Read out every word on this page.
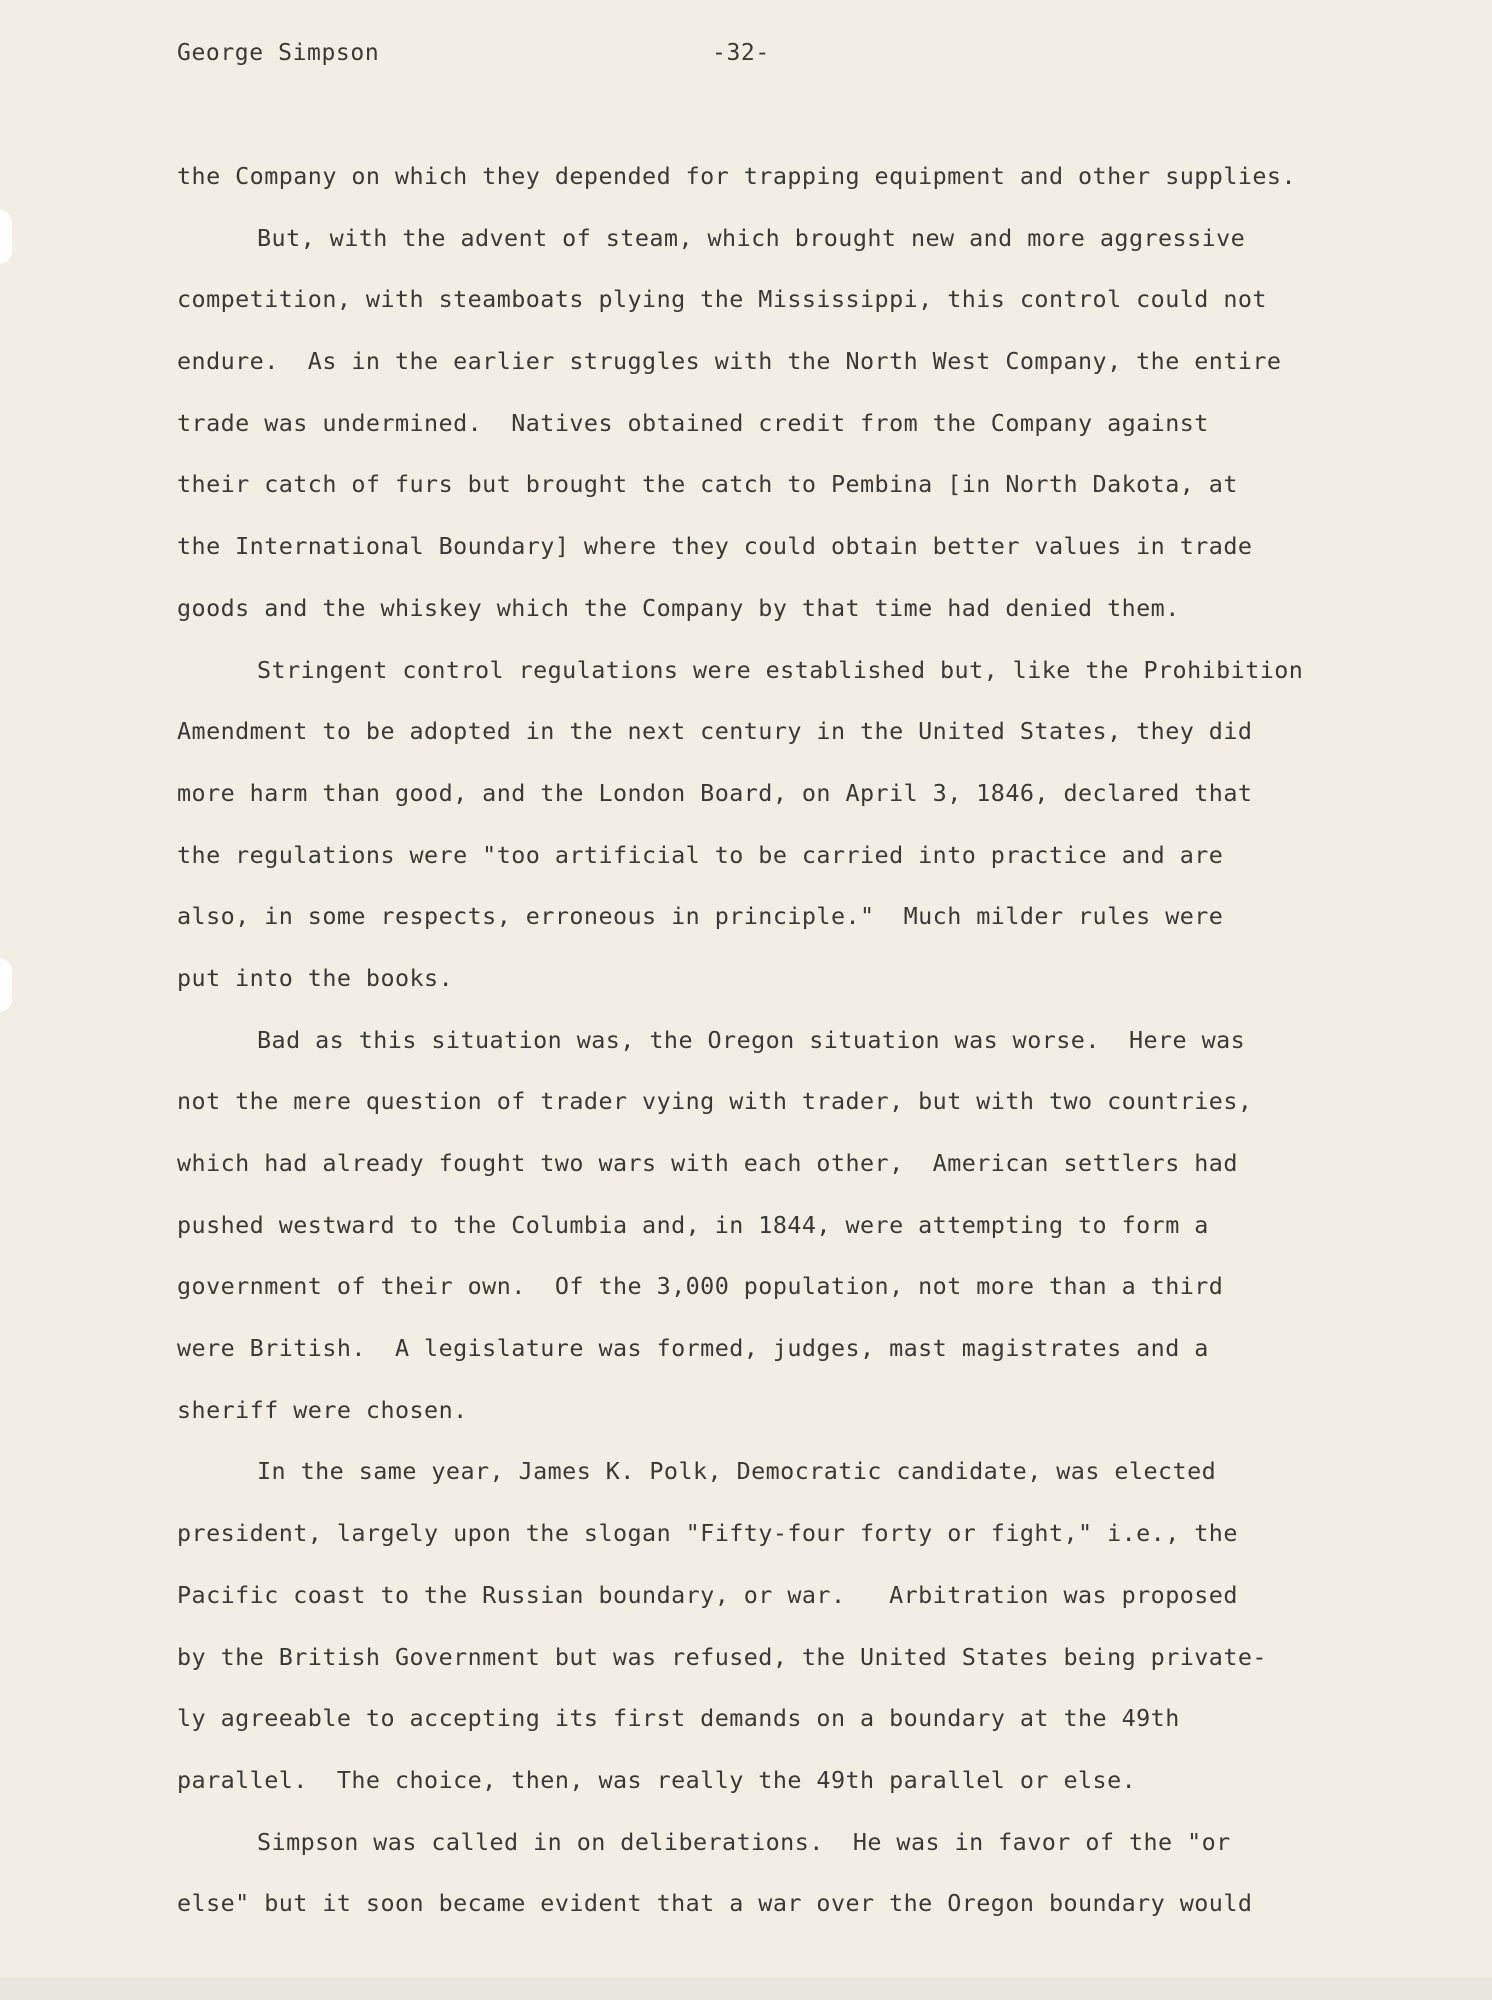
George Simpson	-32-
the Company on which they depended for trapping equipment and other supplies.
But, with the advent of steam, which brought new and more aggressive
competition, with steamboats plying the Mississippi, this control could not
endure.  As in the earlier struggles with the North West Company, the entire
trade was undermined.  Natives obtained credit from the Company against
their catch of furs but brought the catch to Pembina [in North Dakota, at
the International Boundary] where they could obtain better values in trade
goods and the whiskey which the Company by that time had denied them.
Stringent control regulations were established but, like the Prohibition
Amendment to be adopted in the next century in the United States, they did
more harm than good, and the London Board, on April 3, 1846, declared that
the regulations were "too artificial to be carried into practice and are
also, in some respects, erroneous in principle."  Much milder rules were
put into the books.
Bad as this situation was, the Oregon situation was worse.  Here was
not the mere question of trader vying with trader, but with two countries,
which had already fought two wars with each other,  American settlers had
pushed westward to the Columbia and, in 1844, were attempting to form a
government of their own.  Of the 3,000 population, not more than a third
were British.  A legislature was formed, judges, mast magistrates and a
sheriff were chosen.
In the same year, James K. Polk, Democratic candidate, was elected
president, largely upon the slogan "Fifty-four forty or fight," i.e., the
Pacific coast to the Russian boundary, or war.   Arbitration was proposed
by the British Government but was refused, the United States being private-
ly agreeable to accepting its first demands on a boundary at the 49th
parallel.  The choice, then, was really the 49th parallel or else.
Simpson was called in on deliberations.  He was in favor of the "or
else" but it soon became evident that a war over the Oregon boundary would
